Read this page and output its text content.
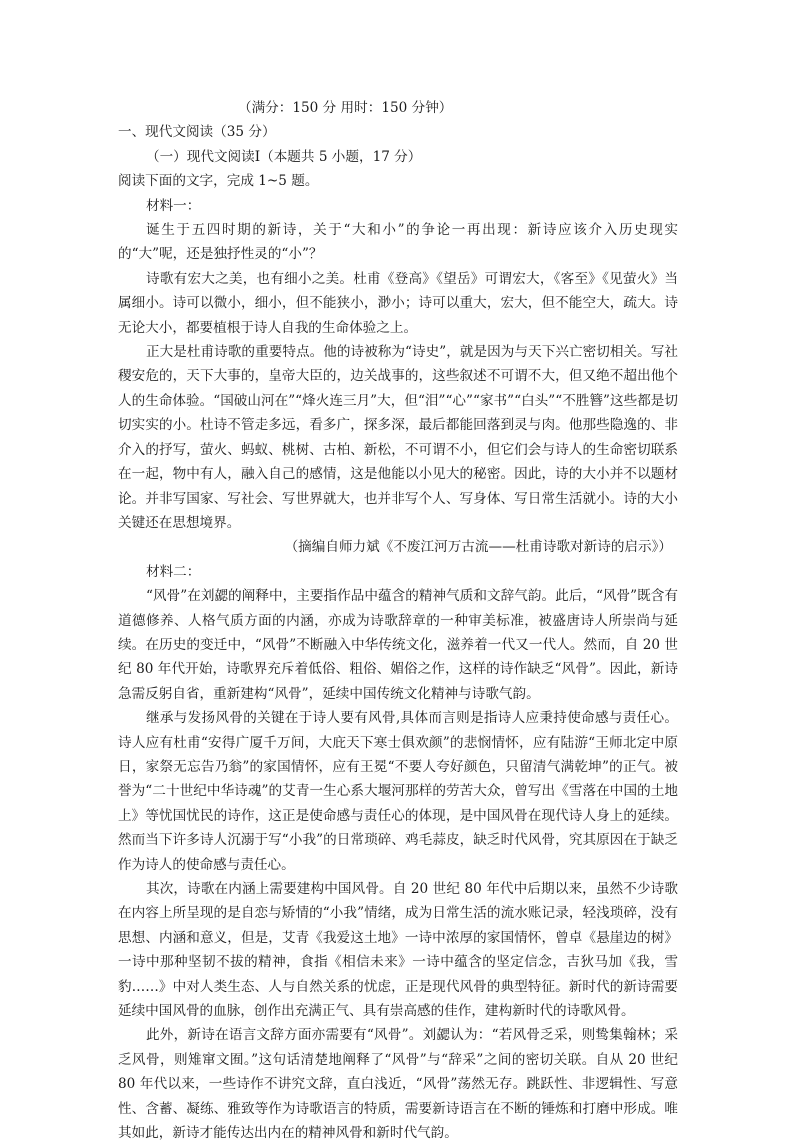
（满分：150 分 用时：150 分钟）

一、现代文阅读（35 分）

（一）现代文阅读Ⅰ（本题共 5 小题，17 分）

阅读下面的文字，完成 1~5 题。

材料一：

诞生于五四时期的新诗，关于“大和小”的争论一再出现：新诗应该介入历史现实的“大”呢，还是独抒性灵的“小”？

诗歌有宏大之美，也有细小之美。杜甫《登高》《望岳》可谓宏大，《客至》《见萤火》当属细小。诗可以微小，细小，但不能狭小，渺小；诗可以重大，宏大，但不能空大，疏大。诗无论大小，都要植根于诗人自我的生命体验之上。

正大是杜甫诗歌的重要特点。他的诗被称为“诗史”，就是因为与天下兴亡密切相关。写社稷安危的，天下大事的，皇帝大臣的，边关战事的，这些叙述不可谓不大，但又绝不超出他个人的生命体验。“国破山河在”“烽火连三月”大，但“泪”“心”“家书”“白头”“不胜簪”这些都是切切实实的小。杜诗不管走多远，看多广，探多深，最后都能回落到灵与肉。他那些隐逸的、非介入的抒写，萤火、蚂蚁、桃树、古柏、新松，不可谓不小，但它们会与诗人的生命密切联系在一起，物中有人，融入自己的感情，这是他能以小见大的秘密。因此，诗的大小并不以题材论。并非写国家、写社会、写世界就大，也并非写个人、写身体、写日常生活就小。诗的大小关键还在思想境界。

（摘编自师力斌《不废江河万古流——杜甫诗歌对新诗的启示》）

材料二：

“风骨”在刘勰的阐释中，主要指作品中蕴含的精神气质和文辞气韵。此后，“风骨”既含有道德修养、人格气质方面的内涵，亦成为诗歌辞章的一种审美标准，被盛唐诗人所崇尚与延续。在历史的变迁中，“风骨”不断融入中华传统文化，滋养着一代又一代人。然而，自 20 世纪 80 年代开始，诗歌界充斥着低俗、粗俗、媚俗之作，这样的诗作缺乏“风骨”。因此，新诗急需反躬自省，重新建构“风骨”，延续中国传统文化精神与诗歌气韵。

继承与发扬风骨的关键在于诗人要有风骨,具体而言则是指诗人应秉持使命感与责任心。诗人应有杜甫“安得广厦千万间，大庇天下寒士俱欢颜”的悲悯情怀，应有陆游“王师北定中原日，家祭无忘告乃翁”的家国情怀，应有王冕“不要人夸好颜色，只留清气满乾坤”的正气。被誉为“二十世纪中华诗魂”的艾青一生心系大堰河那样的劳苦大众，曾写出《雪落在中国的土地上》等忧国忧民的诗作，这正是使命感与责任心的体现，是中国风骨在现代诗人身上的延续。然而当下许多诗人沉溺于写“小我”的日常琐碎、鸡毛蒜皮，缺乏时代风骨，究其原因在于缺乏作为诗人的使命感与责任心。

其次，诗歌在内涵上需要建构中国风骨。自 20 世纪 80 年代中后期以来，虽然不少诗歌在内容上所呈现的是自恋与矫情的“小我”情绪，成为日常生活的流水账记录，轻浅琐碎，没有思想、内涵和意义，但是，艾青《我爱这土地》一诗中浓厚的家国情怀，曾卓《悬崖边的树》一诗中那种坚韧不拔的精神，食指《相信未来》一诗中蕴含的坚定信念，吉狄马加《我，雪豹……》中对人类生态、人与自然关系的忧虑，正是现代风骨的典型特征。新时代的新诗需要延续中国风骨的血脉，创作出充满正气、具有崇高感的佳作，建构新时代的诗歌风骨。

此外，新诗在语言文辞方面亦需要有“风骨”。刘勰认为：“若风骨乏采，则鸷集翰林；采乏风骨，则雉窜文囿。”这句话清楚地阐释了“风骨”与“辞采”之间的密切关联。自从 20 世纪 80 年代以来，一些诗作不讲究文辞，直白浅近，“风骨”荡然无存。跳跃性、非逻辑性、写意性、含蓄、凝练、雅致等作为诗歌语言的特质，需要新诗语言在不断的锤炼和打磨中形成。唯其如此，新诗才能传达出内在的精神风骨和新时代气韵。
